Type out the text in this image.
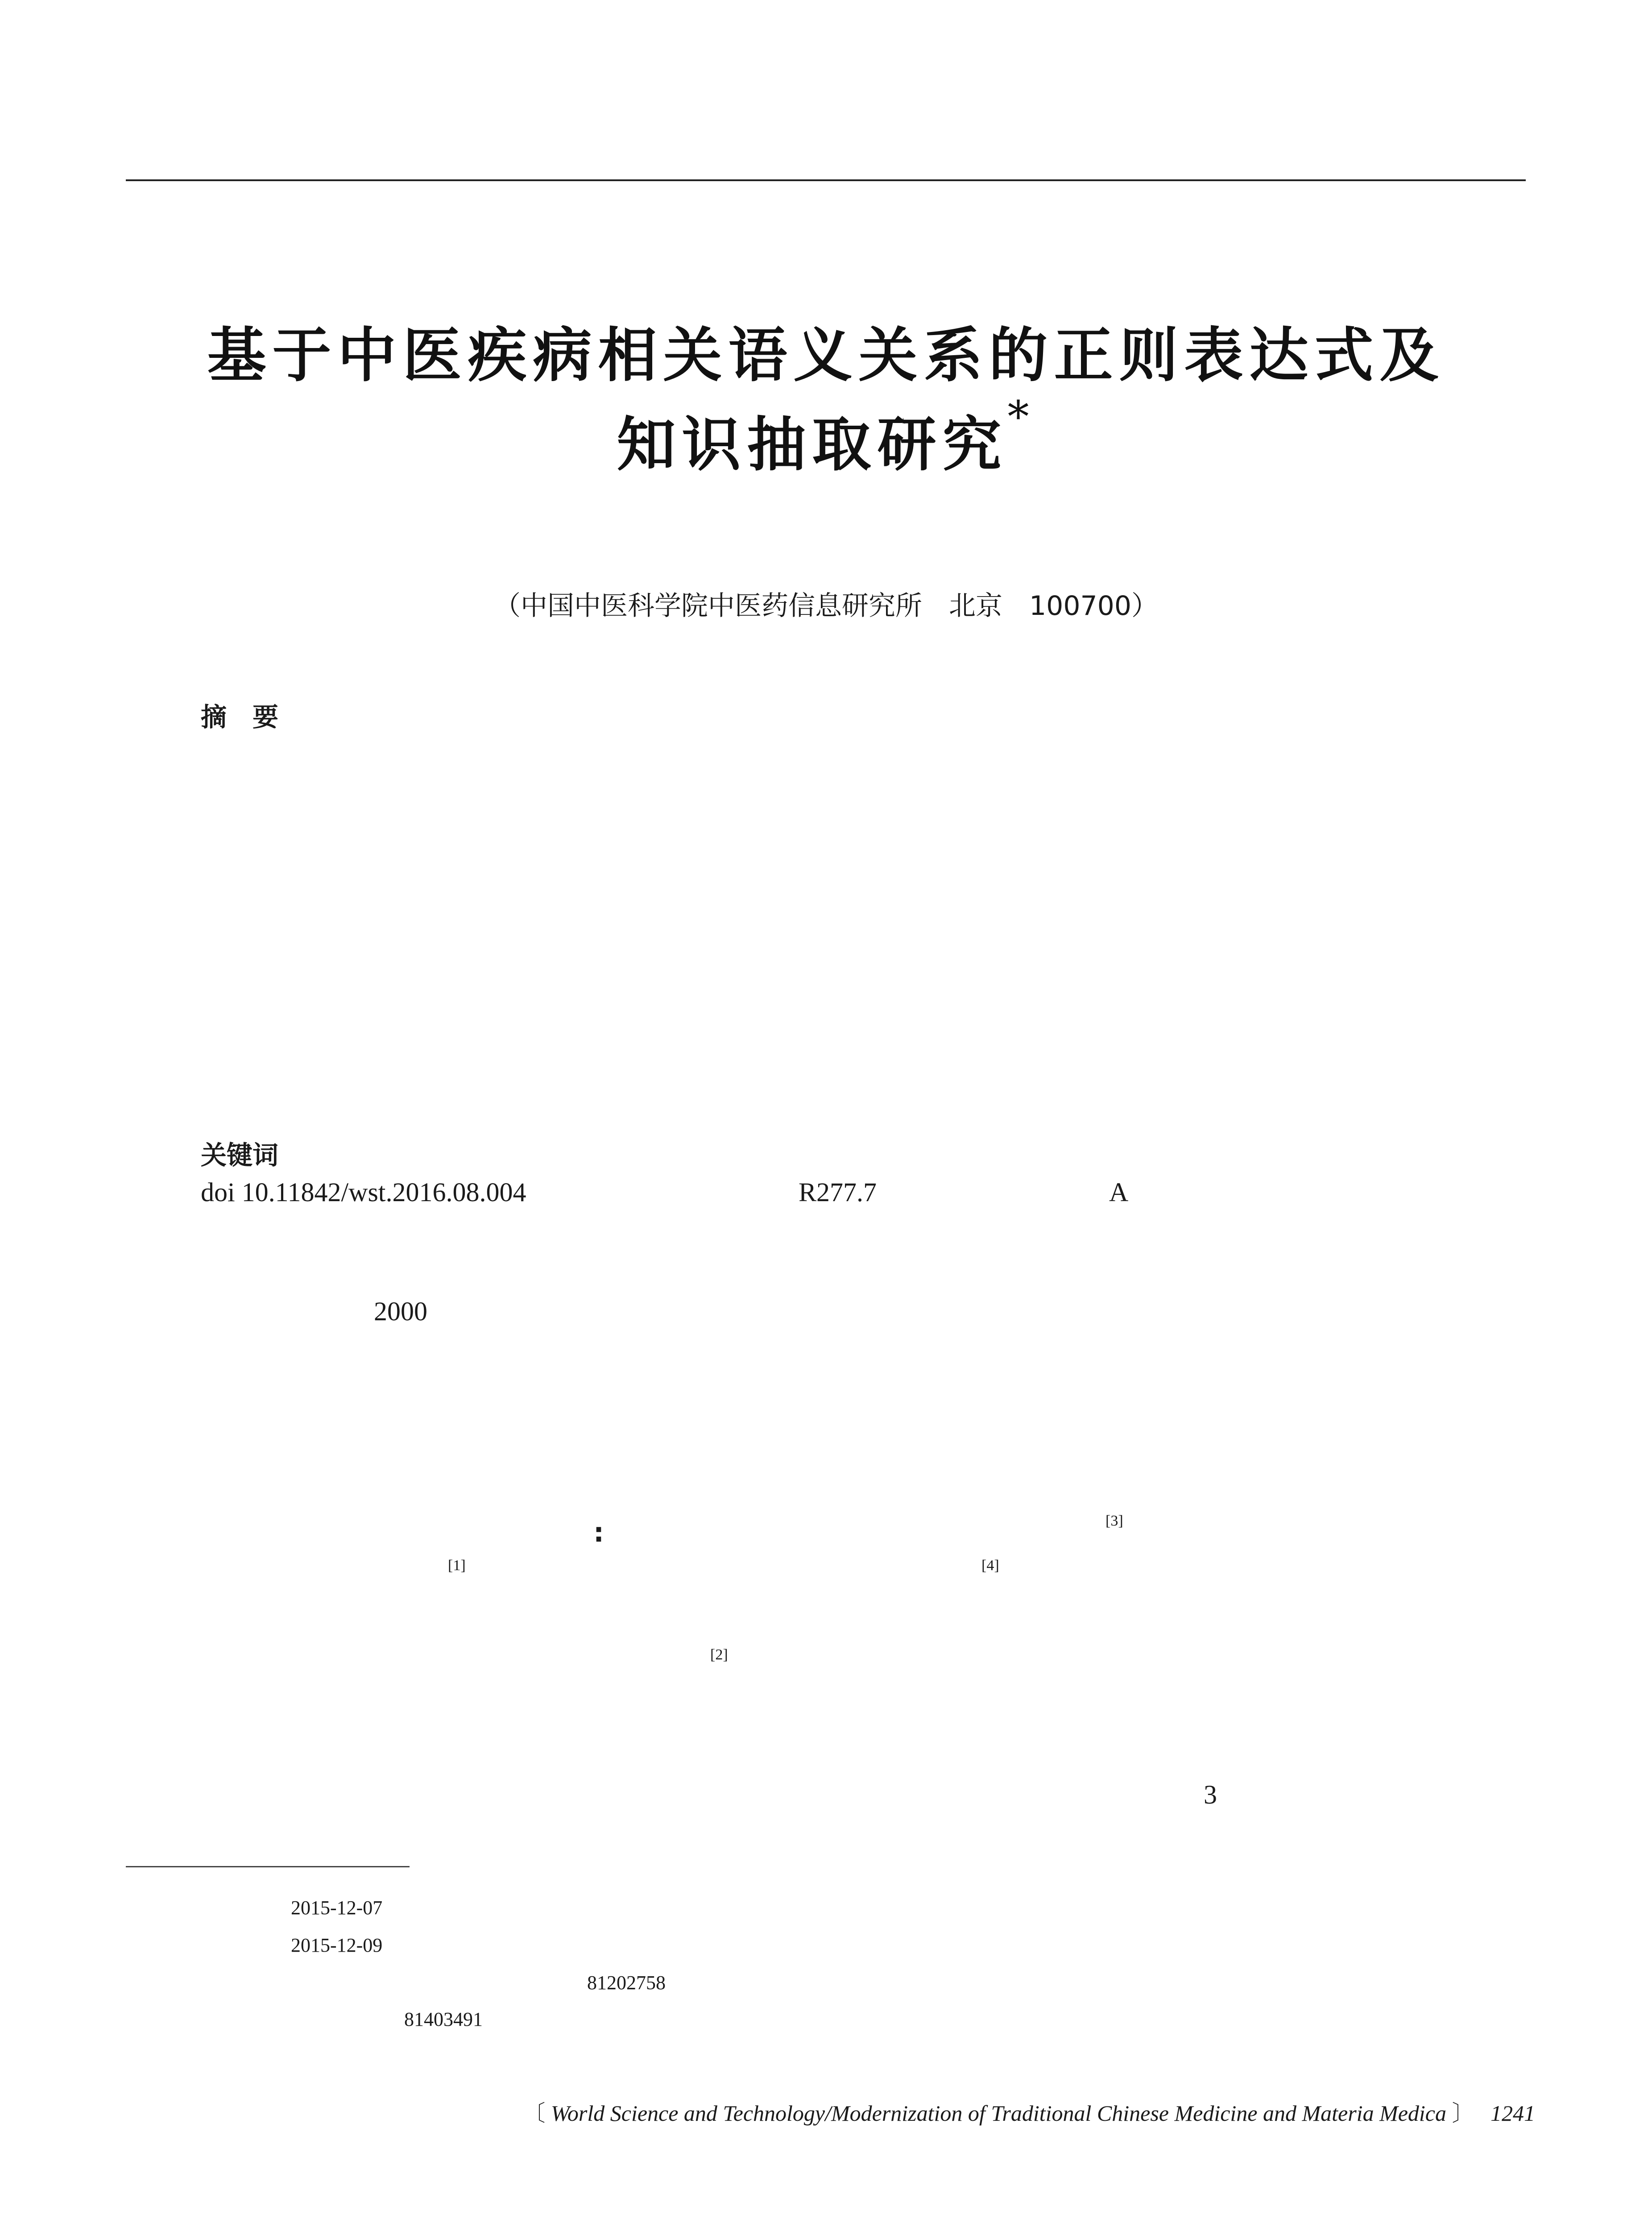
基于中医疾病相关语义关系的正则表达式及
知识抽取研究*
（中国中医科学院中医药信息研究所　北京　100700）
摘　要
关键词
doi 10.11842/wst.2016.08.004	R277.7	A
2000
:	[3]
[1]	[4]
[2]
3
2015-12-07
2015-12-09
81202758
81403491
〔 World Science and Technology/Modernization of Traditional Chinese Medicine and Materia Medica 〕 1241
